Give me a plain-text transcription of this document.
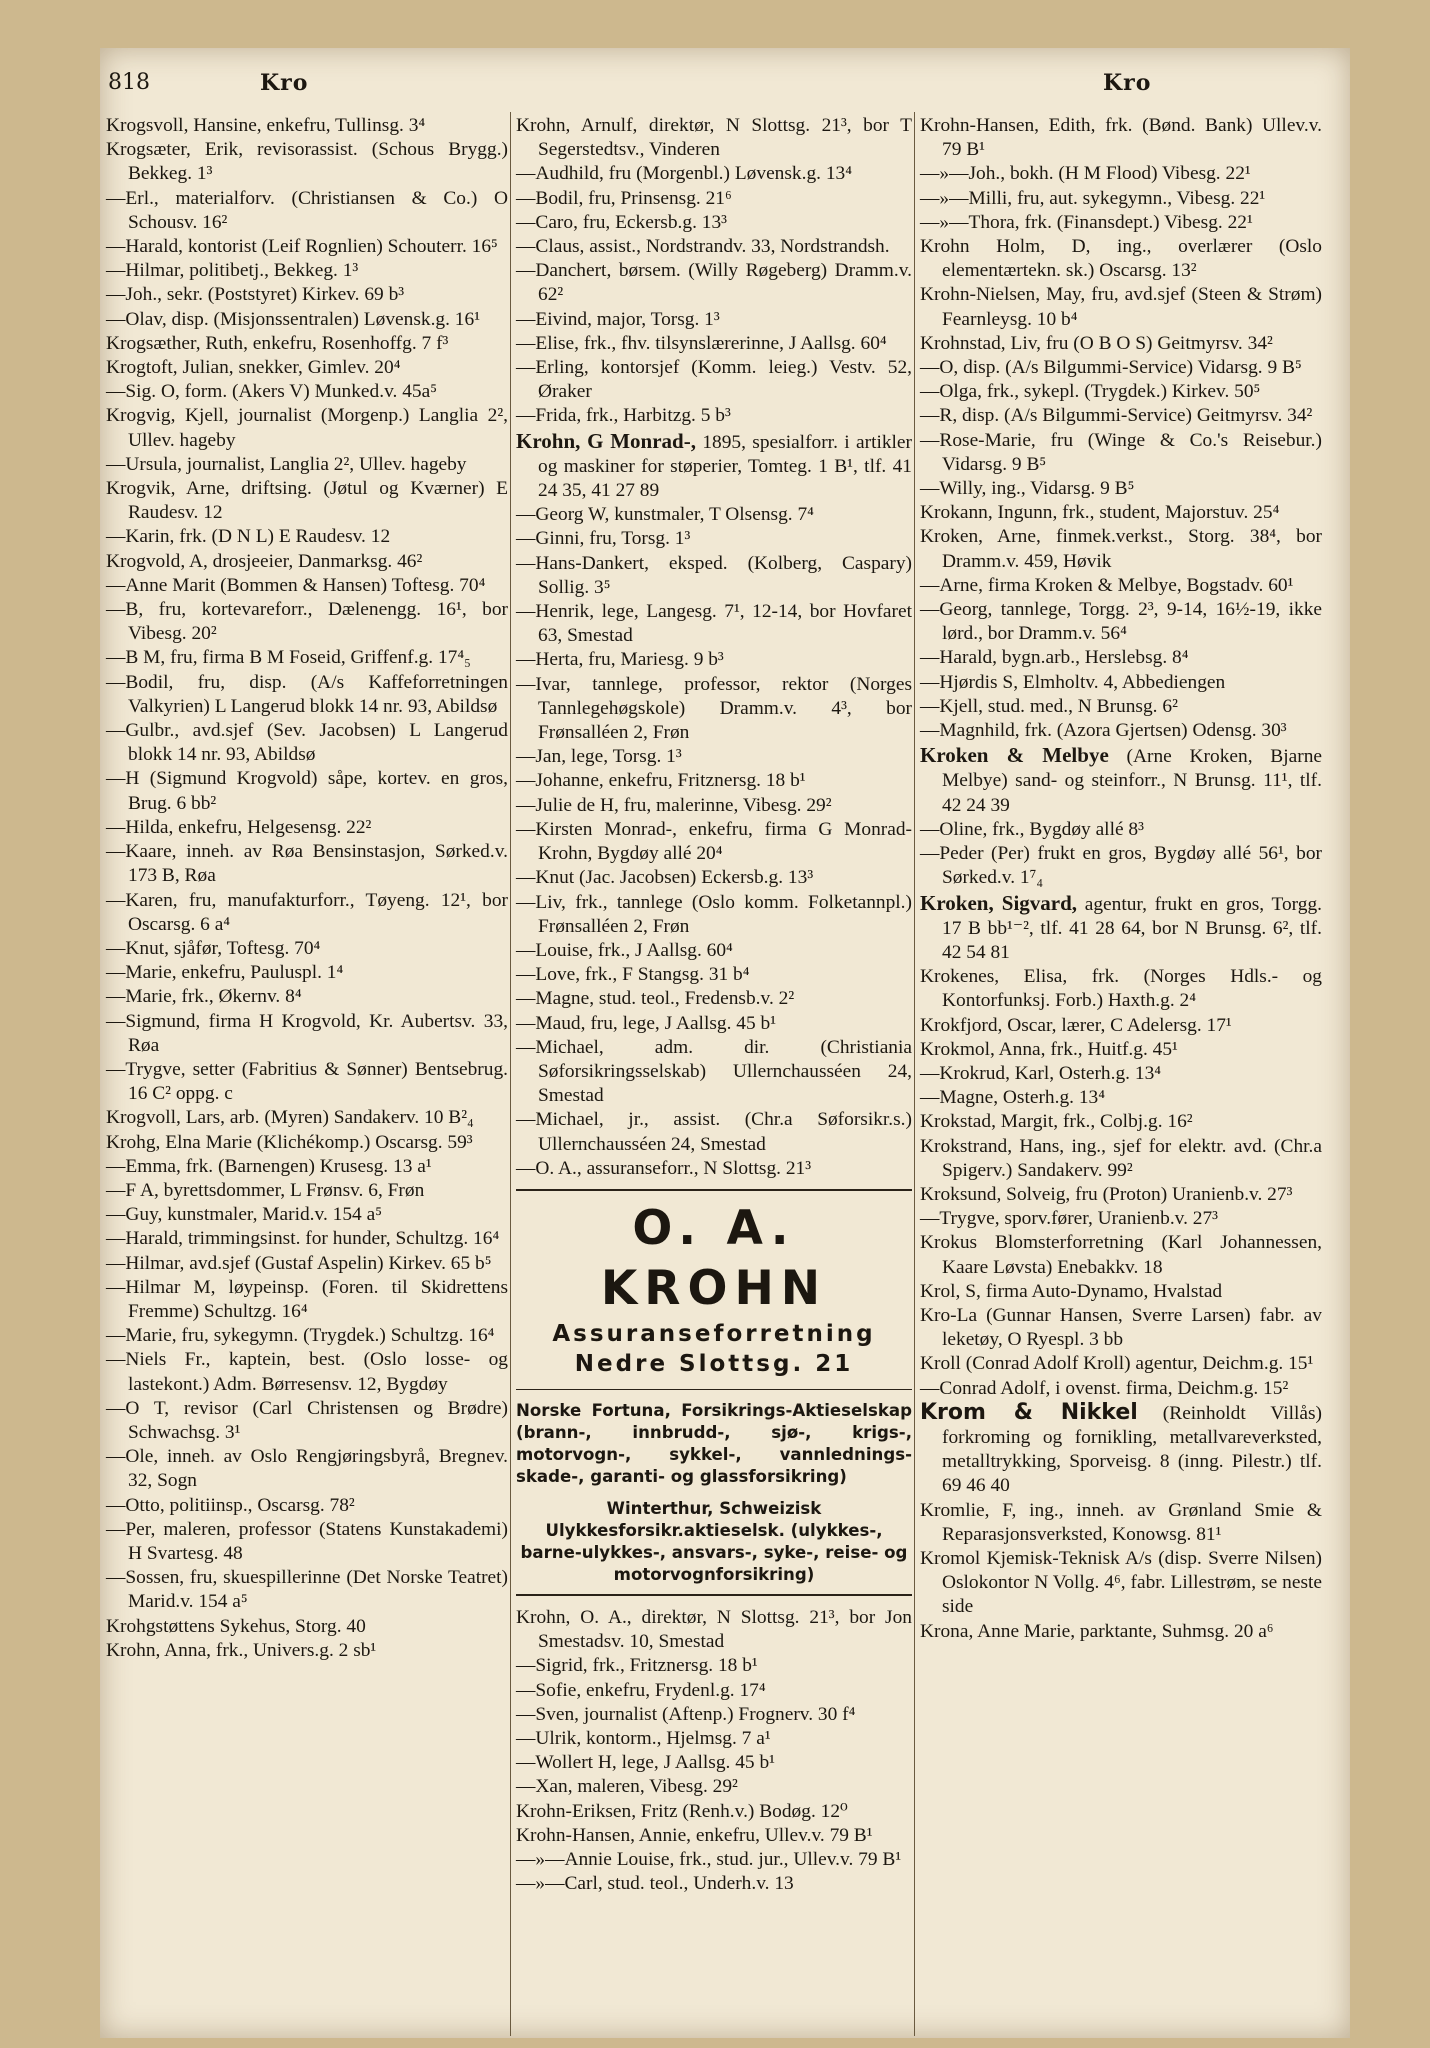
818	Kro	Kro

Krogsvoll, Hansine, enkefru, Tullinsg. 3⁴

Krogsæter, Erik, revisorassist. (Schous Brygg.) Bekkeg. 1³

—Erl., materialforv. (Christiansen & Co.) O Schousv. 16²

—Harald, kontorist (Leif Rognlien) Schouterr. 16⁵

—Hilmar, politibetj., Bekkeg. 1³

—Joh., sekr. (Poststyret) Kirkev. 69 b³

—Olav, disp. (Misjonssentralen) Løvensk.g. 16¹

Krogsæther, Ruth, enkefru, Rosenhoffg. 7 f³

Krogtoft, Julian, snekker, Gimlev. 20⁴

—Sig. O, form. (Akers V) Munked.v. 45a⁵

Krogvig, Kjell, journalist (Morgenp.) Langlia 2², Ullev. hageby

—Ursula, journalist, Langlia 2², Ullev. hageby

Krogvik, Arne, driftsing. (Jøtul og Kværner) E Raudesv. 12

—Karin, frk. (D N L) E Raudesv. 12

Krogvold, A, drosjeeier, Danmarksg. 46²

—Anne Marit (Bommen & Hansen) Toftesg. 70⁴

—B, fru, kortevareforr., Dælenengg. 16¹, bor Vibesg. 20²

—B M, fru, firma B M Foseid, Griffenf.g. 17⁴₅

—Bodil, fru, disp. (A/s Kaffeforretningen Valkyrien) L Langerud blokk 14 nr. 93, Abildsø

—Gulbr., avd.sjef (Sev. Jacobsen) L Langerud blokk 14 nr. 93, Abildsø

—H (Sigmund Krogvold) såpe, kortev. en gros, Brug. 6 bb²

—Hilda, enkefru, Helgesensg. 22²

—Kaare, inneh. av Røa Bensinstasjon, Sørked.v. 173 B, Røa

—Karen, fru, manufakturforr., Tøyeng. 12¹, bor Oscarsg. 6 a⁴

—Knut, sjåfør, Toftesg. 70⁴

—Marie, enkefru, Pauluspl. 1⁴

—Marie, frk., Økernv. 8⁴

—Sigmund, firma H Krogvold, Kr. Aubertsv. 33, Røa

—Trygve, setter (Fabritius & Sønner) Bentsebrug. 16 C² oppg. c

Krogvoll, Lars, arb. (Myren) Sandakerv. 10 B²₄

Krohg, Elna Marie (Klichékomp.) Oscarsg. 59³

—Emma, frk. (Barnengen) Krusesg. 13 a¹

—F A, byrettsdommer, L Frønsv. 6, Frøn

—Guy, kunstmaler, Marid.v. 154 a⁵

—Harald, trimmingsinst. for hunder, Schultzg. 16⁴

—Hilmar, avd.sjef (Gustaf Aspelin) Kirkev. 65 b⁵

—Hilmar M, løypeinsp. (Foren. til Skidrettens Fremme) Schultzg. 16⁴

—Marie, fru, sykegymn. (Trygdek.) Schultzg. 16⁴

—Niels Fr., kaptein, best. (Oslo losse- og lastekont.) Adm. Børresensv. 12, Bygdøy

—O T, revisor (Carl Christensen og Brødre) Schwachsg. 3¹

—Ole, inneh. av Oslo Rengjøringsbyrå, Bregnev. 32, Sogn

—Otto, politiinsp., Oscarsg. 78²

—Per, maleren, professor (Statens Kunstakademi) H Svartesg. 48

—Sossen, fru, skuespillerinne (Det Norske Teatret) Marid.v. 154 a⁵

Krohgstøttens Sykehus, Storg. 40

Krohn, Anna, frk., Univers.g. 2 sb¹

Krohn, Arnulf, direktør, N Slottsg. 21³, bor T Segerstedtsv., Vinderen

—Audhild, fru (Morgenbl.) Løvensk.g. 13⁴

—Bodil, fru, Prinsensg. 21⁶

—Caro, fru, Eckersb.g. 13³

—Claus, assist., Nordstrandv. 33, Nordstrandsh.

—Danchert, børsem. (Willy Røgeberg) Dramm.v. 62²

—Eivind, major, Torsg. 1³

—Elise, frk., fhv. tilsynslærerinne, J Aallsg. 60⁴

—Erling, kontorsjef (Komm. leieg.) Vestv. 52, Øraker

—Frida, frk., Harbitzg. 5 b³

Krohn, G Monrad-, 1895, spesialforr. i artikler og maskiner for støperier, Tomteg. 1 B¹, tlf. 41 24 35, 41 27 89

—Georg W, kunstmaler, T Olsensg. 7⁴

—Ginni, fru, Torsg. 1³

—Hans-Dankert, eksped. (Kolberg, Caspary) Sollig. 3⁵

—Henrik, lege, Langesg. 7¹, 12-14, bor Hovfaret 63, Smestad

—Herta, fru, Mariesg. 9 b³

—Ivar, tannlege, professor, rektor (Norges Tannlegehøgskole) Dramm.v. 4³, bor Frønsalléen 2, Frøn

—Jan, lege, Torsg. 1³

—Johanne, enkefru, Fritznersg. 18 b¹

—Julie de H, fru, malerinne, Vibesg. 29²

—Kirsten Monrad-, enkefru, firma G Monrad-Krohn, Bygdøy allé 20⁴

—Knut (Jac. Jacobsen) Eckersb.g. 13³

—Liv, frk., tannlege (Oslo komm. Folketannpl.) Frønsalléen 2, Frøn

—Louise, frk., J Aallsg. 60⁴

—Love, frk., F Stangsg. 31 b⁴

—Magne, stud. teol., Fredensb.v. 2²

—Maud, fru, lege, J Aallsg. 45 b¹

—Michael, adm. dir. (Christiania Søforsikringsselskab) Ullernchausséen 24, Smestad

—Michael, jr., assist. (Chr.a Søforsikr.s.) Ullernchausséen 24, Smestad

—O. A., assuranseforr., N Slottsg. 21³

O. A. KROHN
Assuranseforretning
Nedre Slottsg. 21
Norske Fortuna, Forsikrings-Aktieselskap (brann-, innbrudd-, sjø-, krigs-, motorvogn-, sykkel-, vannlednings-skade-, garanti- og glassforsikring)
Winterthur, Schweizisk Ulykkesforsikr.aktieselsk. (ulykkes-, barne-ulykkes-, ansvars-, syke-, reise- og motorvognforsikring)

Krohn, O. A., direktør, N Slottsg. 21³, bor Jon Smestadsv. 10, Smestad

—Sigrid, frk., Fritznersg. 18 b¹

—Sofie, enkefru, Frydenl.g. 17⁴

—Sven, journalist (Aftenp.) Frognerv. 30 f⁴

—Ulrik, kontorm., Hjelmsg. 7 a¹

—Wollert H, lege, J Aallsg. 45 b¹

—Xan, maleren, Vibesg. 29²

Krohn-Eriksen, Fritz (Renh.v.) Bodøg. 12⁰

Krohn-Hansen, Annie, enkefru, Ullev.v. 79 B¹

—»—Annie Louise, frk., stud. jur., Ullev.v. 79 B¹

—»—Carl, stud. teol., Underh.v. 13

Krohn-Hansen, Edith, frk. (Bønd. Bank) Ullev.v. 79 B¹

—»—Joh., bokh. (H M Flood) Vibesg. 22¹

—»—Milli, fru, aut. sykegymn., Vibesg. 22¹

—»—Thora, frk. (Finansdept.) Vibesg. 22¹

Krohn Holm, D, ing., overlærer (Oslo elementærtekn. sk.) Oscarsg. 13²

Krohn-Nielsen, May, fru, avd.sjef (Steen & Strøm) Fearnleysg. 10 b⁴

Krohnstad, Liv, fru (O B O S) Geitmyrsv. 34²

—O, disp. (A/s Bilgummi-Service) Vidarsg. 9 B⁵

—Olga, frk., sykepl. (Trygdek.) Kirkev. 50⁵

—R, disp. (A/s Bilgummi-Service) Geitmyrsv. 34²

—Rose-Marie, fru (Winge & Co.'s Reisebur.) Vidarsg. 9 B⁵

—Willy, ing., Vidarsg. 9 B⁵

Krokann, Ingunn, frk., student, Majorstuv. 25⁴

Kroken, Arne, finmek.verkst., Storg. 38⁴, bor Dramm.v. 459, Høvik

—Arne, firma Kroken & Melbye, Bogstadv. 60¹

—Georg, tannlege, Torgg. 2³, 9-14, 16½-19, ikke lørd., bor Dramm.v. 56⁴

—Harald, bygn.arb., Herslebsg. 8⁴

—Hjørdis S, Elmholtv. 4, Abbediengen

—Kjell, stud. med., N Brunsg. 6²

—Magnhild, frk. (Azora Gjertsen) Odensg. 30³

Kroken & Melbye (Arne Kroken, Bjarne Melbye) sand- og steinforr., N Brunsg. 11¹, tlf. 42 24 39

—Oline, frk., Bygdøy allé 8³

—Peder (Per) frukt en gros, Bygdøy allé 56¹, bor Sørked.v. 1⁷₄

Kroken, Sigvard, agentur, frukt en gros, Torgg. 17 B bb¹⁻², tlf. 41 28 64, bor N Brunsg. 6², tlf. 42 54 81

Krokenes, Elisa, frk. (Norges Hdls.- og Kontorfunksj. Forb.) Haxth.g. 2⁴

Krokfjord, Oscar, lærer, C Adelersg. 17¹

Krokmol, Anna, frk., Huitf.g. 45¹

—Krokrud, Karl, Osterh.g. 13⁴

—Magne, Osterh.g. 13⁴

Krokstad, Margit, frk., Colbj.g. 16²

Krokstrand, Hans, ing., sjef for elektr. avd. (Chr.a Spigerv.) Sandakerv. 99²

Kroksund, Solveig, fru (Proton) Uranienb.v. 27³

—Trygve, sporv.fører, Uranienb.v. 27³

Krokus Blomsterforretning (Karl Johannessen, Kaare Løvsta) Enebakkv. 18

Krol, S, firma Auto-Dynamo, Hvalstad

Kro-La (Gunnar Hansen, Sverre Larsen) fabr. av leketøy, O Ryespl. 3 bb

Kroll (Conrad Adolf Kroll) agentur, Deichm.g. 15¹

—Conrad Adolf, i ovenst. firma, Deichm.g. 15²

Krom & Nikkel (Reinholdt Villås) forkroming og fornikling, metallvareverksted, metalltrykking, Sporveisg. 8 (inng. Pilestr.) tlf. 69 46 40

Kromlie, F, ing., inneh. av Grønland Smie & Reparasjonsverksted, Konowsg. 81¹

Kromol Kjemisk-Teknisk A/s (disp. Sverre Nilsen) Oslokontor N Vollg. 4⁶, fabr. Lillestrøm, se neste side

Krona, Anne Marie, parktante, Suhmsg. 20 a⁶
